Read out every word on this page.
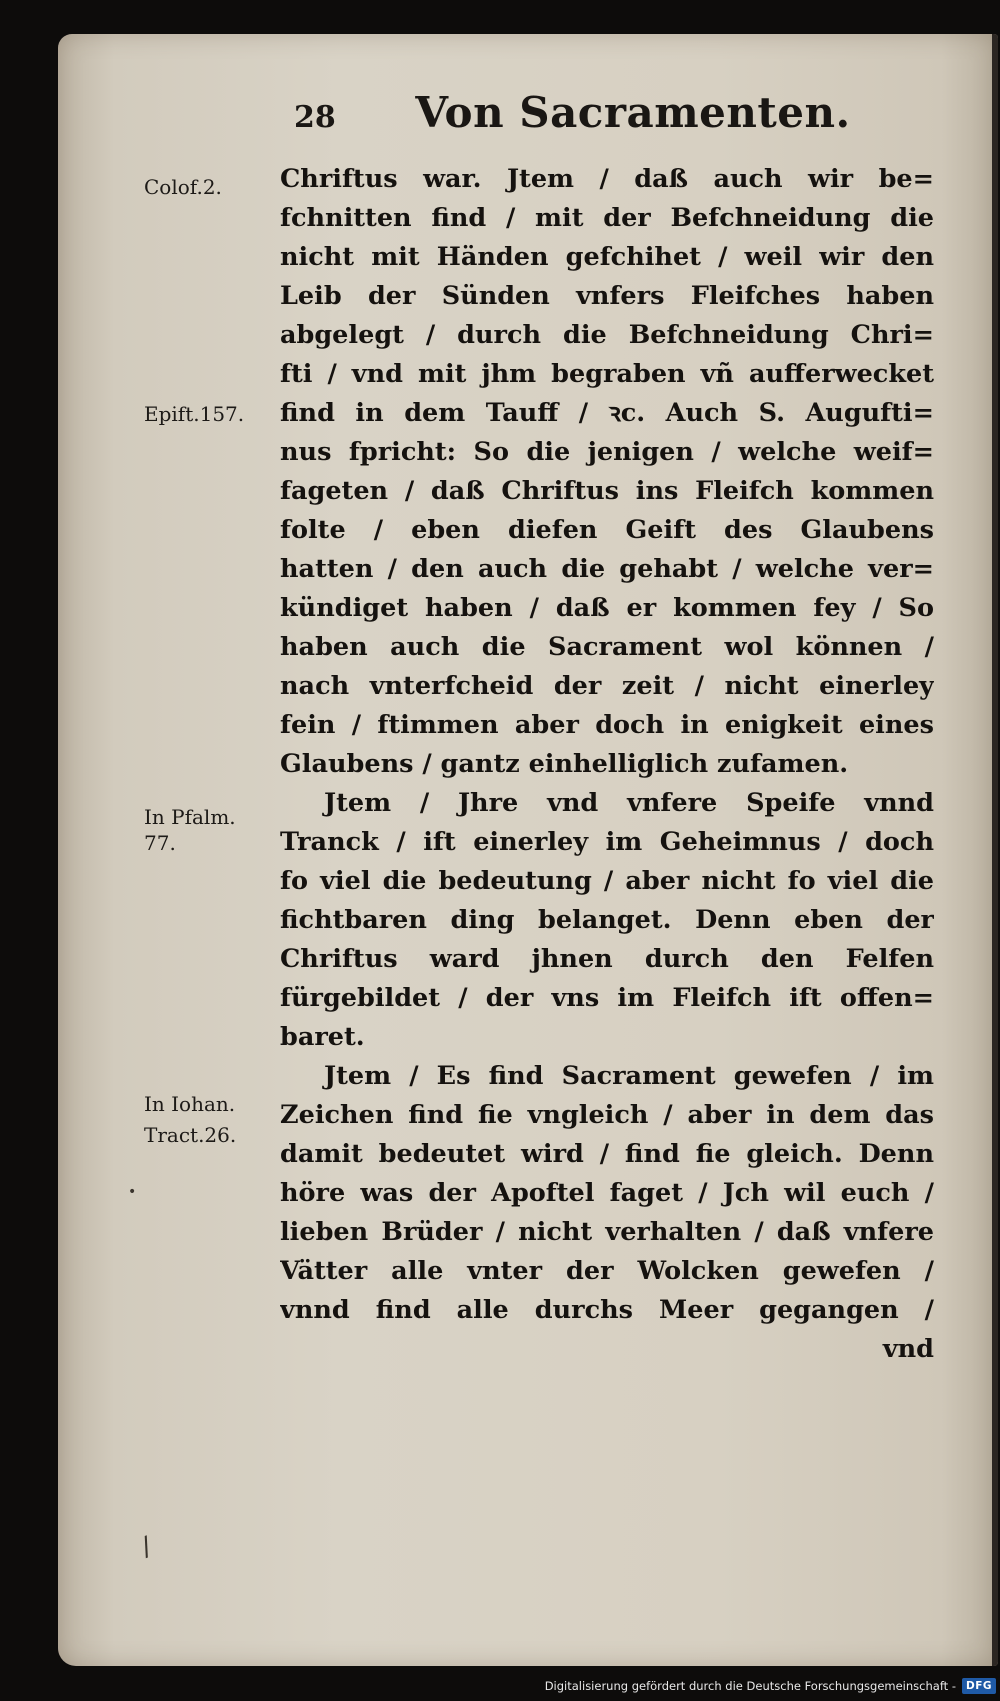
28 Von Sacramenten.
Colof.2.
Epift.157.
In Pfalm.
77.
In Iohan.
Tract.26.
Chriftus war. Jtem / daß auch wir be=
fchnitten find / mit der Befchneidung die
nicht mit Händen gefchihet / weil wir den
Leib der Sünden vnfers Fleifches haben
abgelegt / durch die Befchneidung Chri=
fti / vnd mit jhm begraben vñ aufferwecket
find in dem Tauff / ꝛc. Auch S. Augufti=
nus fpricht: So die jenigen / welche weif=
fageten / daß Chriftus ins Fleifch kommen
folte / eben diefen Geift des Glaubens
hatten / den auch die gehabt / welche ver=
kündiget haben / daß er kommen fey / So
haben auch die Sacrament wol können /
nach vnterfcheid der zeit / nicht einerley
fein / ftimmen aber doch in enigkeit eines
Glaubens / gantz einhelliglich zufamen.
Jtem / Jhre vnd vnfere Speife vnnd
Tranck / ift einerley im Geheimnus / doch
fo viel die bedeutung / aber nicht fo viel die
fichtbaren ding belanget. Denn eben der
Chriftus ward jhnen durch den Felfen
fürgebildet / der vns im Fleifch ift offen=
baret.
Jtem / Es find Sacrament gewefen / im
Zeichen find fie vngleich / aber in dem das
damit bedeutet wird / find fie gleich. Denn
höre was der Apoftel faget / Jch wil euch /
lieben Brüder / nicht verhalten / daß vnfere
Vätter alle vnter der Wolcken gewefen /
vnnd find alle durchs Meer gegangen /
vnd
•
/
Digitalisierung gefördert durch die Deutsche Forschungsgemeinschaft - DFG
